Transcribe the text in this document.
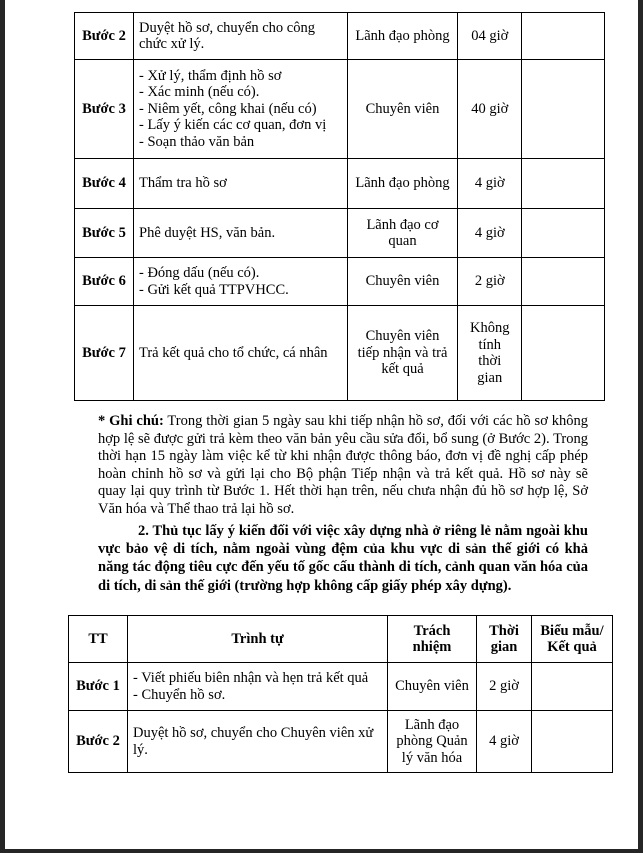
Bước 2	Duyệt hồ sơ, chuyển cho công chức xử lý.	Lãnh đạo phòng	04 giờ	
Bước 3	- Xử lý, thẩm định hồ sơ
- Xác minh (nếu có).
- Niêm yết, công khai (nếu có)
- Lấy ý kiến các cơ quan, đơn vị
- Soạn thảo văn bản	Chuyên viên	40 giờ	
Bước 4	Thẩm tra hồ sơ	Lãnh đạo phòng	4 giờ	
Bước 5	Phê duyệt HS, văn bản.	Lãnh đạo cơ quan	4 giờ	
Bước 6	- Đóng dấu (nếu có).
- Gửi kết quả TTPVHCC.	Chuyên viên	2 giờ	
Bước 7	Trả kết quả cho tổ chức, cá nhân	Chuyên viên tiếp nhận và trả kết quả	Không tính thời gian	
* Ghi chú: Trong thời gian 5 ngày sau khi tiếp nhận hồ sơ, đối với các hồ sơ không hợp lệ sẽ được gửi trả kèm theo văn bản yêu cầu sửa đổi, bổ sung (ở Bước 2). Trong thời hạn 15 ngày làm việc kể từ khi nhận được thông báo, đơn vị đề nghị cấp phép hoàn chỉnh hồ sơ và gửi lại cho Bộ phận Tiếp nhận và trả kết quả. Hồ sơ này sẽ quay lại quy trình từ Bước 1. Hết thời hạn trên, nếu chưa nhận đủ hồ sơ hợp lệ, Sở Văn hóa và Thể thao trả lại hồ sơ.
2. Thủ tục lấy ý kiến đối với việc xây dựng nhà ở riêng lẻ nằm ngoài khu vực bảo vệ di tích, nằm ngoài vùng đệm của khu vực di sản thế giới có khả năng tác động tiêu cực đến yếu tố gốc cấu thành di tích, cảnh quan văn hóa của di tích, di sản thế giới (trường hợp không cấp giấy phép xây dựng).
TT	Trình tự	Trách nhiệm	Thời gian	Biểu mẫu/ Kết quả
Bước 1	- Viết phiếu biên nhận và hẹn trả kết quả
- Chuyển hồ sơ.	Chuyên viên	2 giờ	
Bước 2	Duyệt hồ sơ, chuyển cho Chuyên viên xử lý.	Lãnh đạo phòng Quản lý văn hóa	4 giờ	
